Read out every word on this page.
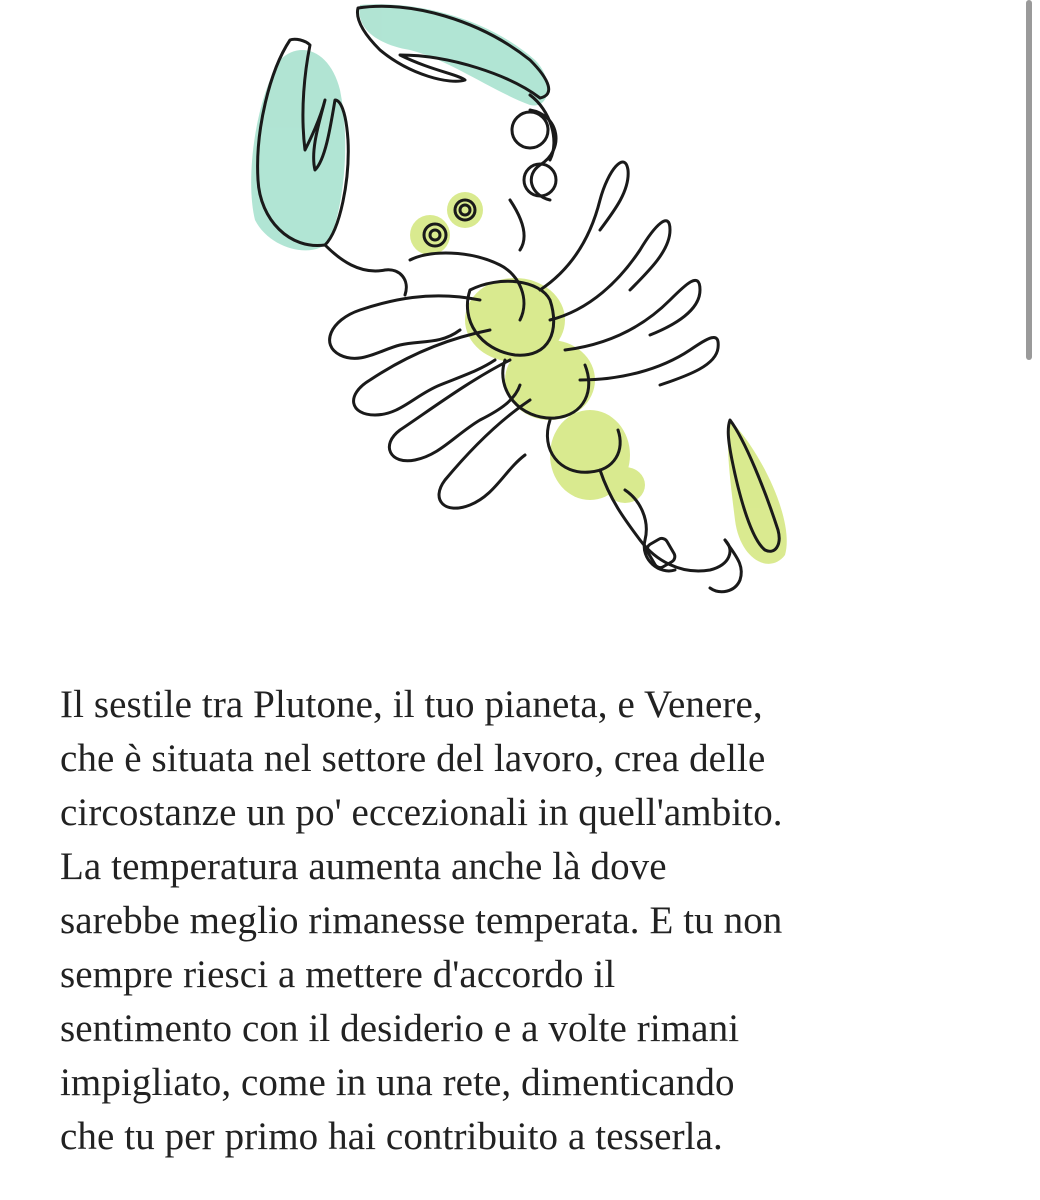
Il sestile tra Plutone, il tuo pianeta, e Venere,
che è situata nel settore del lavoro, crea delle
circostanze un po' eccezionali in quell'ambito.
La temperatura aumenta anche là dove
sarebbe meglio rimanesse temperata. E tu non
sempre riesci a mettere d'accordo il
sentimento con il desiderio e a volte rimani
impigliato, come in una rete, dimenticando
che tu per primo hai contribuito a tesserla.
